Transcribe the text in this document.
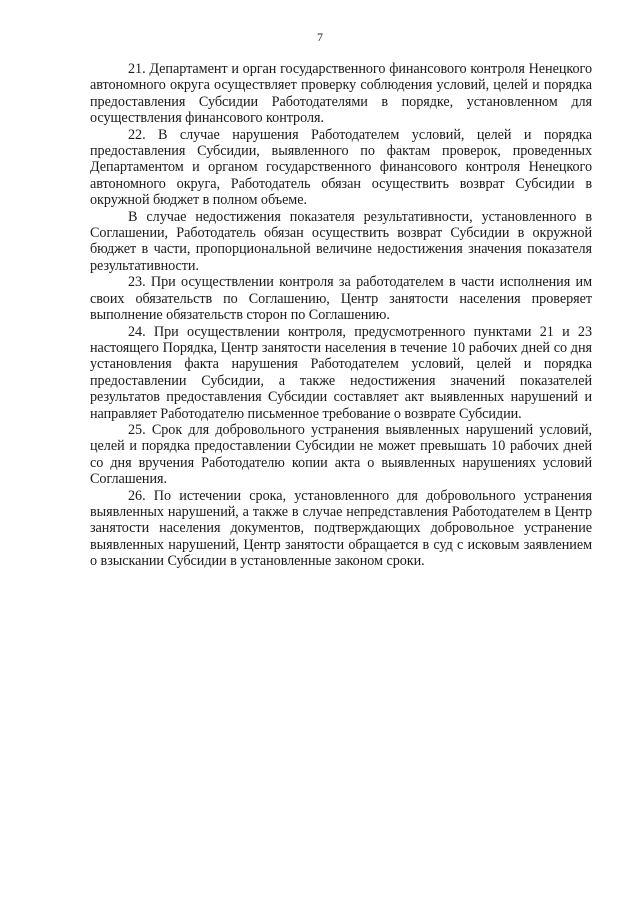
7

21. Департамент и орган государственного финансового контроля Ненецкого автономного округа осуществляет проверку соблюдения условий, целей и порядка предоставления Субсидии Работодателями в порядке, установленном для осуществления финансового контроля.

22. В случае нарушения Работодателем условий, целей и порядка предоставления Субсидии, выявленного по фактам проверок, проведенных Департаментом и органом государственного финансового контроля Ненецкого автономного округа, Работодатель обязан осуществить возврат Субсидии в окружной бюджет в полном объеме.

В случае недостижения показателя результативности, установленного в Соглашении, Работодатель обязан осуществить возврат Субсидии в окружной бюджет в части, пропорциональной величине недостижения значения показателя результативности.

23. При осуществлении контроля за работодателем в части исполнения им своих обязательств по Соглашению, Центр занятости населения проверяет выполнение обязательств сторон по Соглашению.

24. При осуществлении контроля, предусмотренного пунктами 21 и 23 настоящего Порядка, Центр занятости населения в течение 10 рабочих дней со дня установления факта нарушения Работодателем условий, целей и порядка предоставлении Субсидии, а также недостижения значений показателей результатов предоставления Субсидии составляет акт выявленных нарушений и направляет Работодателю письменное требование о возврате Субсидии.

25. Срок для добровольного устранения выявленных нарушений условий, целей и порядка предоставлении Субсидии не может превышать 10 рабочих дней со дня вручения Работодателю копии акта о выявленных нарушениях условий Соглашения.

26. По истечении срока, установленного для добровольного устранения выявленных нарушений, а также в случае непредставления Работодателем в Центр занятости населения документов, подтверждающих добровольное устранение выявленных нарушений, Центр занятости обращается в суд с исковым заявлением о взыскании Субсидии в установленные законом сроки.
